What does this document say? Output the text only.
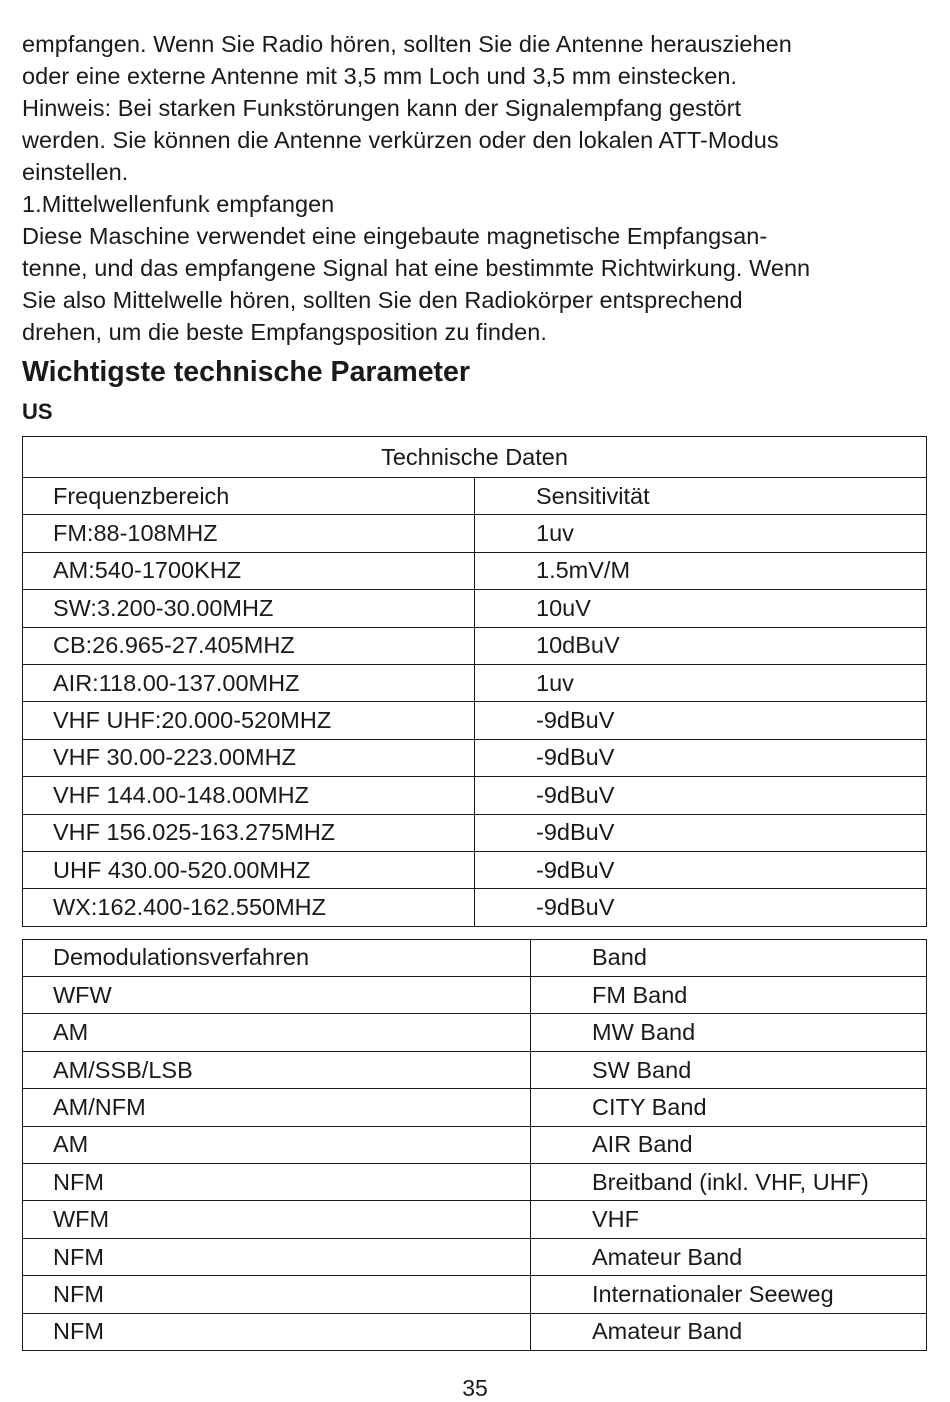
empfangen. Wenn Sie Radio hören, sollten Sie die Antenne herausziehen
oder eine externe Antenne mit 3,5 mm Loch und 3,5 mm einstecken.
Hinweis: Bei starken Funkstörungen kann der Signalempfang gestört
werden. Sie können die Antenne verkürzen oder den lokalen ATT-Modus
einstellen.
1.Mittelwellenfunk empfangen
Diese Maschine verwendet eine eingebaute magnetische Empfangsan-
tenne, und das empfangene Signal hat eine bestimmte Richtwirkung. Wenn
Sie also Mittelwelle hören, sollten Sie den Radiokörper entsprechend
drehen, um die beste Empfangsposition zu finden.
Wichtigste technische Parameter
US
Technische Daten	
Frequenzbereich	Sensitivität
FM:88-108MHZ	1uv
AM:540-1700KHZ	1.5mV/M
SW:3.200-30.00MHZ	10uV
CB:26.965-27.405MHZ	10dBuV
AIR:118.00-137.00MHZ	1uv
VHF UHF:20.000-520MHZ	-9dBuV
VHF 30.00-223.00MHZ	-9dBuV
VHF 144.00-148.00MHZ	-9dBuV
VHF 156.025-163.275MHZ	-9dBuV
UHF 430.00-520.00MHZ	-9dBuV
WX:162.400-162.550MHZ	-9dBuV
Demodulationsverfahren	Band
WFW	FM Band
AM	MW Band
AM/SSB/LSB	SW Band
AM/NFM	CITY Band
AM	AIR Band
NFM	Breitband (inkl. VHF, UHF)
WFM	VHF
NFM	Amateur Band
NFM	Internationaler Seeweg
NFM	Amateur Band
35
